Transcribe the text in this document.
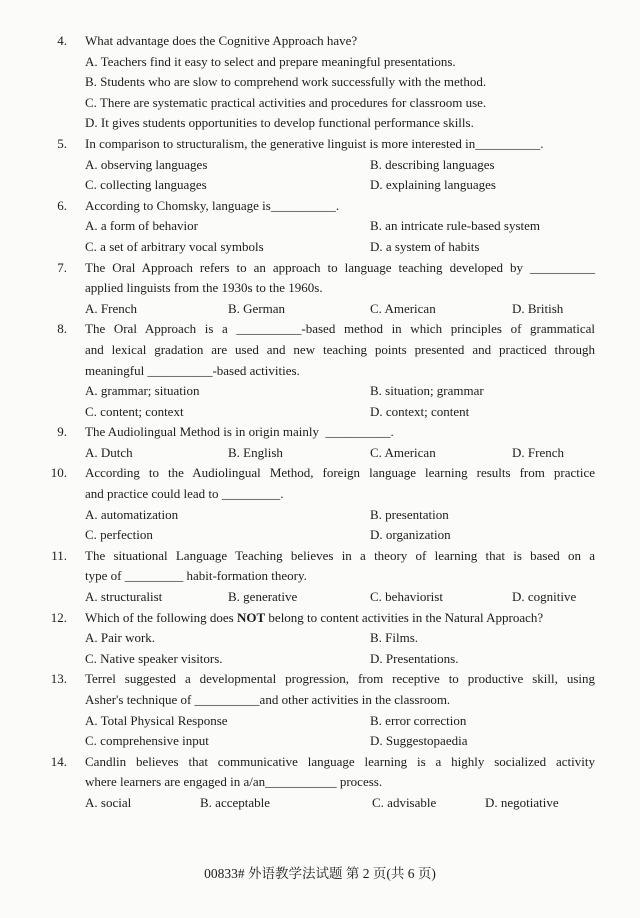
4. What advantage does the Cognitive Approach have?
A. Teachers find it easy to select and prepare meaningful presentations.
B. Students who are slow to comprehend work successfully with the method.
C. There are systematic practical activities and procedures for classroom use.
D. It gives students opportunities to develop functional performance skills.
5. In comparison to structuralism, the generative linguist is more interested in__________.
A. observing languages	B. describing languages
C. collecting languages	D. explaining languages
6. According to Chomsky, language is__________.
A. a form of behavior	B. an intricate rule-based system
C. a set of arbitrary vocal symbols	D. a system of habits
7. The Oral Approach refers to an approach to language teaching developed by __________
applied linguists from the 1930s to the 1960s.
A. French	B. German	C. American	D. British
8. The Oral Approach is a __________-based method in which principles of grammatical
and lexical gradation are used and new teaching points presented and practiced through
meaningful __________-based activities.
A. grammar; situation	B. situation; grammar
C. content; context	D. context; content
9. The Audiolingual Method is in origin mainly  __________.
A. Dutch	B. English	C. American	D. French
10. According to the Audiolingual Method, foreign language learning results from practice
and practice could lead to _________.
A. automatization	B. presentation
C. perfection	D. organization
11. The situational Language Teaching believes in a theory of learning that is based on a
type of _________ habit-formation theory.
A. structuralist	B. generative	C. behaviorist	D. cognitive
12. Which of the following does NOT belong to content activities in the Natural Approach?
A. Pair work.	B. Films.
C. Native speaker visitors.	D. Presentations.
13. Terrel suggested a developmental progression, from receptive to productive skill, using
Asher's technique of __________and other activities in the classroom.
A. Total Physical Response	B. error correction
C. comprehensive input	D. Suggestopaedia
14. Candlin believes that communicative language learning is a highly socialized activity
where learners are engaged in a/an___________ process.
A. social	B. acceptable	C. advisable	D. negotiative
00833# 外语教学法试题 第 2 页(共 6 页)
